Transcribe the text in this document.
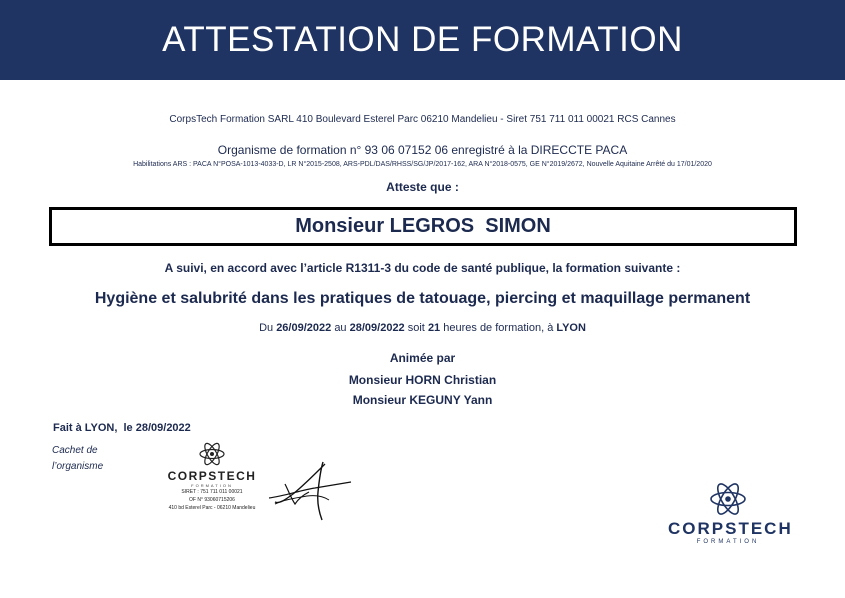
ATTESTATION DE FORMATION
CorpsTech Formation SARL 410 Boulevard Esterel Parc 06210 Mandelieu - Siret 751 711 011 00021 RCS Cannes
Organisme de formation n° 93 06 07152 06 enregistré à la DIRECCTE PACA
Habilitations ARS : PACA N°POSA-1013-4033-D, LR N°2015-2508, ARS-PDL/DAS/RHSS/SG/JP/2017-162, ARA N°2018-0575, GE N°2019/2672, Nouvelle Aquitaine Arrêté du 17/01/2020
Atteste que :
Monsieur LEGROS  SIMON
A suivi, en accord avec l’article R1311-3 du code de santé publique, la formation suivante :
Hygiène et salubrité dans les pratiques de tatouage, piercing et maquillage permanent
Du 26/09/2022 au 28/09/2022 soit 21 heures de formation, à LYON
Animée par
Monsieur HORN Christian
Monsieur KEGUNY Yann
Fait à LYON,  le 28/09/2022
Cachet de
l’organisme
CORPSTECH
FORMATION
SIRET : 751 711 011 00021
OF N° 93060715206
410 bd Esterel Parc - 06210 Mandelieu
CORPSTECH
FORMATION
